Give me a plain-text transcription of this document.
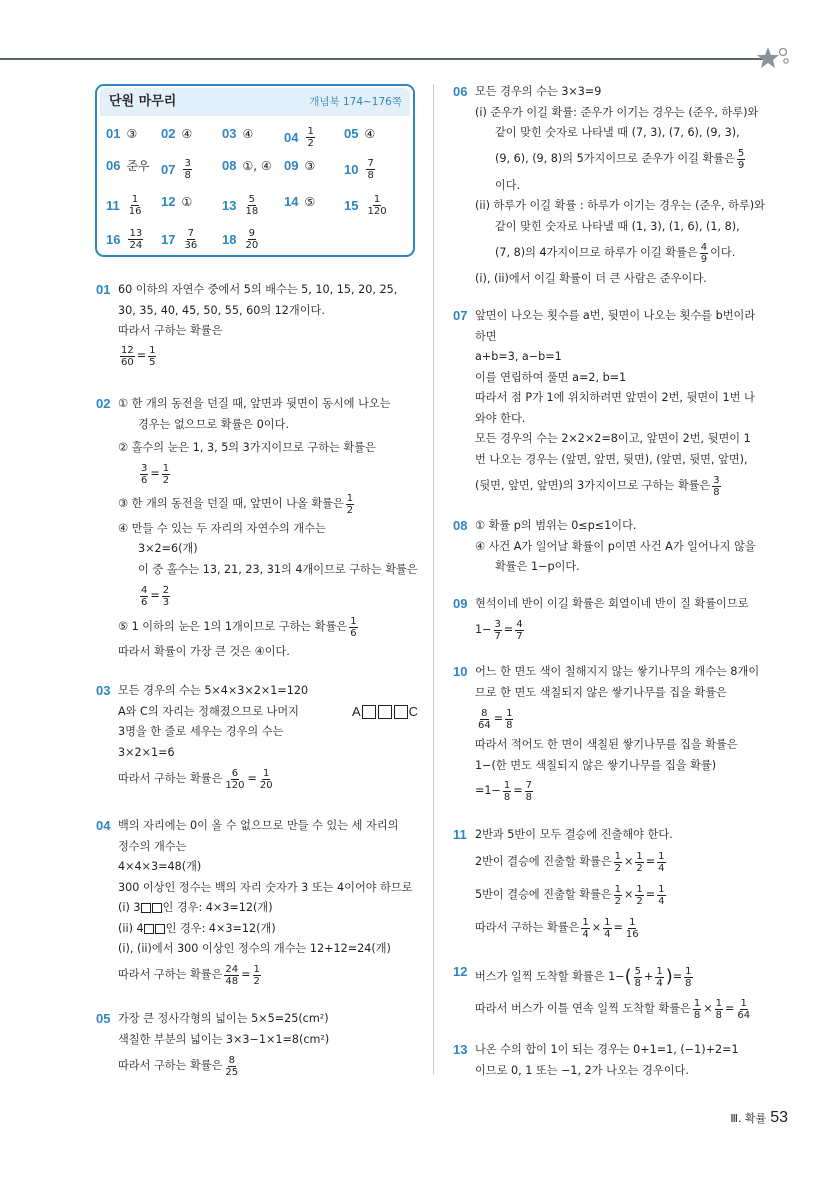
단원 마무리	개념북 174~176쪽
01 ③ 02 ④ 03 ④ $04 \frac{1}{2} 05$ ④
06 준우 $07 \frac{3}{8} 08$ ①, ④ 09 ③ $10 \frac{7}{8}$
$11 \frac{1}{16} 12$ ① $13 \frac{5}{18} 14$ ⑤ $15 \frac{1}{120}$
$16 \frac{13}{24} 17 \frac{7}{36} 18 \frac{9}{20}$
01 60 이하의 자연수 중에서 5의 배수는 5, 10, 15, 20, 25,
30, 35, 40, 45, 50, 55, 60의 12개이다.
따라서 구하는 확률은
$\frac{12}{60} = \frac{1}{5}$
02 ① 한 개의 동전을 던질 때, 앞면과 뒷면이 동시에 나오는
경우는 없으므로 확률은 0이다.
② 홀수의 눈은 1, 3, 5의 3가지이므로 구하는 확률은
$\frac{3}{6} = \frac{1}{2}$
③ 한 개의 동전을 던질 때, 앞면이 나올 확률은 $\frac{1}{2}$
④ 만들 수 있는 두 자리의 자연수의 개수는
3×2=6(개)
이 중 홀수는 13, 21, 23, 31의 4개이므로 구하는 확률은
$\frac{4}{6} = \frac{2}{3}$
⑤ 1 이하의 눈은 1의 1개이므로 구하는 확률은 $\frac{1}{6}$
따라서 확률이 가장 큰 것은 ④이다.
03 모든 경우의 수는 5×4×3×2×1=120
A와 C의 자리는 정해졌으므로 나머지	A	C
3명을 한 줄로 세우는 경우의 수는
3×2×1=6
따라서 구하는 확률은 $\frac{6}{120} = \frac{1}{20}$
04 백의 자리에는 0이 올 수 없으므로 만들 수 있는 세 자리의
정수의 개수는
4×4×3=48(개)
300 이상인 정수는 백의 자리 숫자가 3 또는 4이어야 하므로
(i) 3 인 경우: 4×3=12(개)
(ii) 4 인 경우: 4×3=12(개)
(i), (ii)에서 300 이상인 정수의 개수는 12+12=24(개)
따라서 구하는 확률은 $\frac{24}{48} = \frac{1}{2}$
05 가장 큰 정사각형의 넓이는 5×5=25(cm²)
색칠한 부분의 넓이는 3×3−1×1=8(cm²)
따라서 구하는 확률은 $\frac{8}{25}$
06 모든 경우의 수는 3×3=9
(i) 준우가 이길 확률: 준우가 이기는 경우는 (준우, 하루)와
같이 맞힌 숫자로 나타낼 때 (7, 3), (7, 6), (9, 3),
(9, 6), (9, 8)의 5가지이므로 준우가 이길 확률은 $\frac{5}{9}$
이다.
(ii) 하루가 이길 확률 : 하루가 이기는 경우는 (준우, 하루)와
같이 맞힌 숫자로 나타낼 때 (1, 3), (1, 6), (1, 8),
(7, 8)의 4가지이므로 하루가 이길 확률은 $\frac{4}{9}$ 이다.
(i), (ii)에서 이길 확률이 더 큰 사람은 준우이다.
07 앞면이 나오는 횟수를 a번, 뒷면이 나오는 횟수를 b번이라
하면
a+b=3, a−b=1
이를 연립하여 풀면 a=2, b=1
따라서 점 P가 1에 위치하려면 앞면이 2번, 뒷면이 1번 나
와야 한다.
모든 경우의 수는 2×2×2=8이고, 앞면이 2번, 뒷면이 1
번 나오는 경우는 (앞면, 앞면, 뒷면), (앞면, 뒷면, 앞면),
(뒷면, 앞면, 앞면)의 3가지이므로 구하는 확률은 $\frac{3}{8}$
08 ① 확률 p의 범위는 0≤p≤1이다.
④ 사건 A가 일어날 확률이 p이면 사건 A가 일어나지 않을
확률은 1−p이다.
09 현석이네 반이 이길 확률은 회열이네 반이 질 확률이므로
$1- \frac{3}{7} = \frac{4}{7}$
10 어느 한 면도 색이 칠해지지 않는 쌓기나무의 개수는 8개이
므로 한 면도 색칠되지 않은 쌓기나무를 집을 확률은
$\frac{8}{64} = \frac{1}{8}$
따라서 적어도 한 면이 색칠된 쌓기나무를 집을 확률은
1−(한 면도 색칠되지 않은 쌓기나무를 집을 확률)
$=1- \frac{1}{8} = \frac{7}{8}$
11 2반과 5반이 모두 결승에 진출해야 한다.
2반이 결승에 진출할 확률은 $\frac{1}{2} \times \frac{1}{2} = \frac{1}{4}$
5반이 결승에 진출할 확률은 $\frac{1}{2} \times \frac{1}{2} = \frac{1}{4}$
따라서 구하는 확률은 $\frac{1}{4} \times \frac{1}{4} = \frac{1}{16}$
12 버스가 일찍 도착할 확률은 1− ( $\frac{5}{8} + \frac{1}{4}$ ) = $\frac{1}{8}$
따라서 버스가 이틀 연속 일찍 도착할 확률은 $\frac{1}{8} \times \frac{1}{8} = \frac{1}{64}$
13 나온 수의 합이 1이 되는 경우는 0+1=1, (−1)+2=1
이므로 0, 1 또는 −1, 2가 나오는 경우이다.
Ⅲ. 확률 53
